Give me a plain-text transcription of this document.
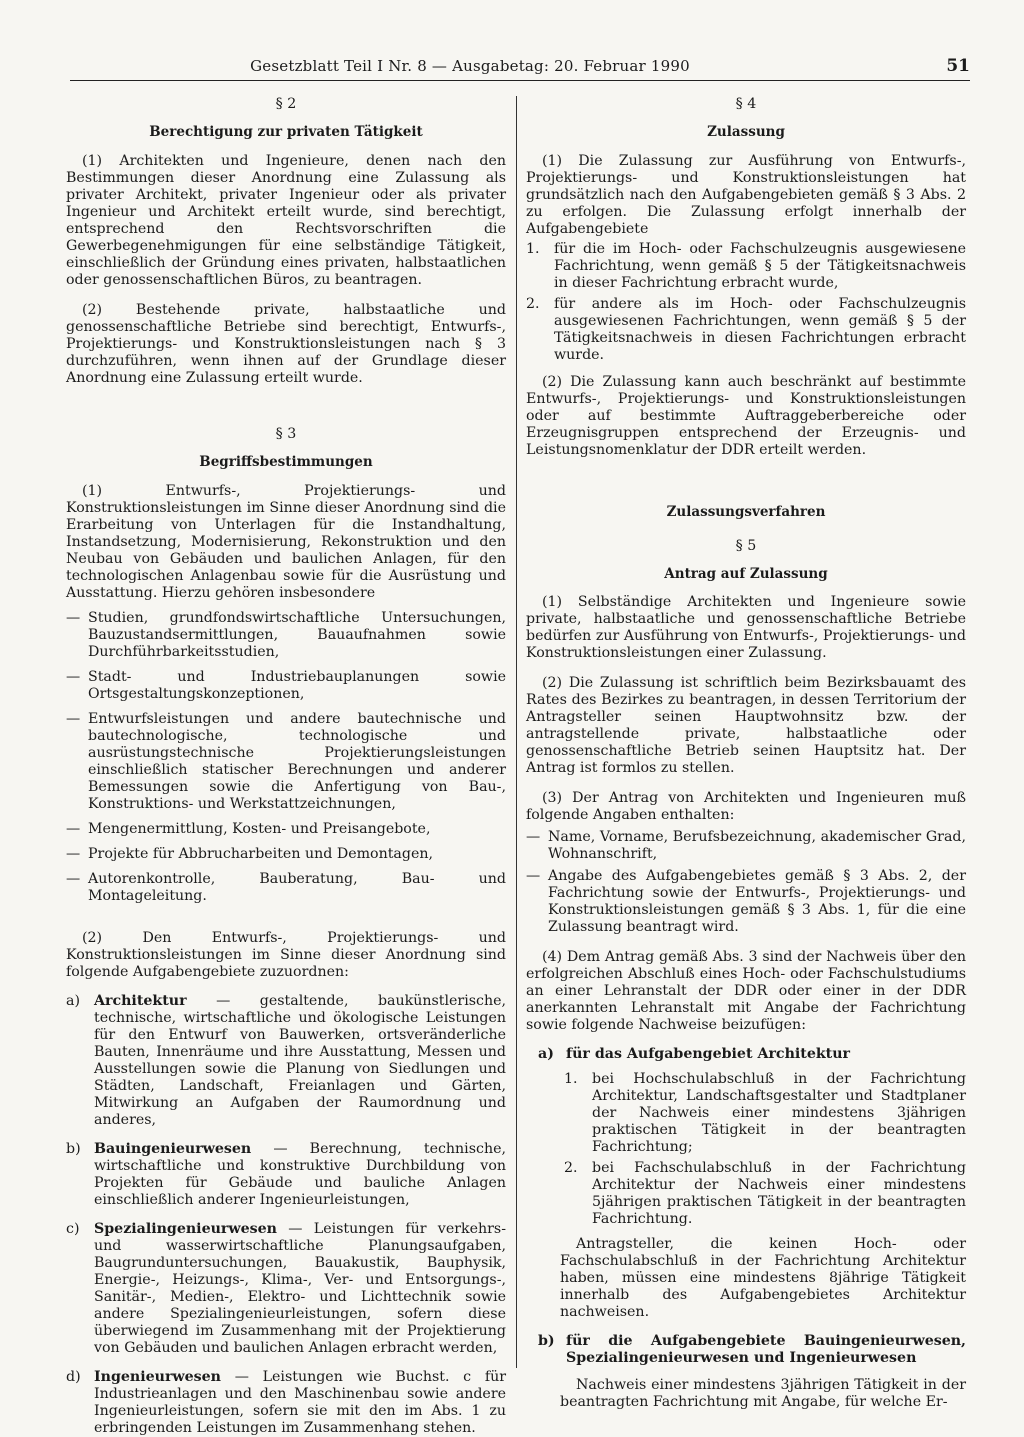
Gesetzblatt Teil I Nr. 8 — Ausgabetag: 20. Februar 1990	51

§ 2

Berechtigung zur privaten Tätigkeit

(1) Architekten und Ingenieure, denen nach den Bestimmungen dieser Anordnung eine Zulassung als privater Architekt, privater Ingenieur oder als privater Ingenieur und Architekt erteilt wurde, sind berechtigt, entsprechend den Rechtsvorschriften die Gewerbegenehmigungen für eine selbständige Tätigkeit, einschließlich der Gründung eines privaten, halbstaatlichen oder genossenschaftlichen Büros, zu beantragen.

(2) Bestehende private, halbstaatliche und genossenschaftliche Betriebe sind berechtigt, Entwurfs-, Projektierungs- und Konstruktionsleistungen nach § 3 durchzuführen, wenn ihnen auf der Grundlage dieser Anordnung eine Zulassung erteilt wurde.

§ 3

Begriffsbestimmungen

(1) Entwurfs-, Projektierungs- und Konstruktionsleistungen im Sinne dieser Anordnung sind die Erarbeitung von Unterlagen für die Instandhaltung, Instandsetzung, Modernisierung, Rekonstruktion und den Neubau von Gebäuden und baulichen Anlagen, für den technologischen Anlagenbau sowie für die Ausrüstung und Ausstattung. Hierzu gehören insbesondere

— Studien, grundfondswirtschaftliche Untersuchungen, Bauzustandsermittlungen, Bauaufnahmen sowie Durchführbarkeitsstudien,
— Stadt- und Industriebauplanungen sowie Ortsgestaltungskonzeptionen,
— Entwurfsleistungen und andere bautechnische und bautechnologische, technologische und ausrüstungstechnische Projektierungsleistungen einschließlich statischer Berechnungen und anderer Bemessungen sowie die Anfertigung von Bau-, Konstruktions- und Werkstattzeichnungen,
— Mengenermittlung, Kosten- und Preisangebote,
— Projekte für Abbrucharbeiten und Demontagen,
— Autorenkontrolle, Bauberatung, Bau- und Montageleitung.

(2) Den Entwurfs-, Projektierungs- und Konstruktionsleistungen im Sinne dieser Anordnung sind folgende Aufgabengebiete zuzuordnen:

a) Architektur — gestaltende, baukünstlerische, technische, wirtschaftliche und ökologische Leistungen für den Entwurf von Bauwerken, ortsveränderliche Bauten, Innenräume und ihre Ausstattung, Messen und Ausstellungen sowie die Planung von Siedlungen und Städten, Landschaft, Freianlagen und Gärten, Mitwirkung an Aufgaben der Raumordnung und anderes,
b) Bauingenieurwesen — Berechnung, technische, wirtschaftliche und konstruktive Durchbildung von Projekten für Gebäude und bauliche Anlagen einschließlich anderer Ingenieurleistungen,
c)	Spezialingenieurwesen — Leistungen für verkehrs- und wasserwirtschaftliche Planungsaufgaben, Baugrunduntersuchungen, Bauakustik, Bauphysik, Energie-, Heizungs-, Klima-, Ver- und Entsorgungs-, Sanitär-, Medien-, Elektro- und Lichttechnik sowie andere Spezialingenieurleistungen, sofern diese überwiegend im Zusammenhang mit der Projektierung von Gebäuden und baulichen Anlagen erbracht werden,
d) Ingenieurwesen — Leistungen wie Buchst. c für Industrieanlagen und den Maschinenbau sowie andere Ingenieurleistungen, sofern sie mit den im Abs. 1 zu erbringenden Leistungen im Zusammenhang stehen.

§ 4

Zulassung

(1) Die Zulassung zur Ausführung von Entwurfs-, Projektierungs- und Konstruktionsleistungen hat grundsätzlich nach den Aufgabengebieten gemäß § 3 Abs. 2 zu erfolgen. Die Zulassung erfolgt innerhalb der Aufgabengebiete

1.	für die im Hoch- oder Fachschulzeugnis ausgewiesene Fachrichtung, wenn gemäß § 5 der Tätigkeitsnachweis in dieser Fachrichtung erbracht wurde,
2.	für andere als im Hoch- oder Fachschulzeugnis ausgewiesenen Fachrichtungen, wenn gemäß § 5 der Tätigkeitsnachweis in diesen Fachrichtungen erbracht wurde.

(2) Die Zulassung kann auch beschränkt auf bestimmte Entwurfs-, Projektierungs- und Konstruktionsleistungen oder auf bestimmte Auftraggeberbereiche oder Erzeugnisgruppen entsprechend der Erzeugnis- und Leistungsnomenklatur der DDR erteilt werden.

Zulassungsverfahren

§ 5

Antrag auf Zulassung

(1) Selbständige Architekten und Ingenieure sowie private, halbstaatliche und genossenschaftliche Betriebe bedürfen zur Ausführung von Entwurfs-, Projektierungs- und Konstruktionsleistungen einer Zulassung.

(2) Die Zulassung ist schriftlich beim Bezirksbauamt des Rates des Bezirkes zu beantragen, in dessen Territorium der Antragsteller seinen Hauptwohnsitz bzw. der antragstellende private, halbstaatliche oder genossenschaftliche Betrieb seinen Hauptsitz hat. Der Antrag ist formlos zu stellen.

(3) Der Antrag von Architekten und Ingenieuren muß folgende Angaben enthalten:

— Name, Vorname, Berufsbezeichnung, akademischer Grad, Wohnanschrift,
— Angabe des Aufgabengebietes gemäß § 3 Abs. 2, der Fachrichtung sowie der Entwurfs-, Projektierungs- und Konstruktionsleistungen gemäß § 3 Abs. 1, für die eine Zulassung beantragt wird.

(4) Dem Antrag gemäß Abs. 3 sind der Nachweis über den erfolgreichen Abschluß eines Hoch- oder Fachschulstudiums an einer Lehranstalt der DDR oder einer in der DDR anerkannten Lehranstalt mit Angabe der Fachrichtung sowie folgende Nachweise beizufügen:

a) für das Aufgabengebiet Architektur
1.	bei Hochschulabschluß in der Fachrichtung Architektur, Landschaftsgestalter und Stadtplaner der Nachweis einer mindestens 3jährigen praktischen Tätigkeit in der beantragten Fachrichtung;
2.	bei Fachschulabschluß in der Fachrichtung Architektur der Nachweis einer mindestens 5jährigen praktischen Tätigkeit in der beantragten Fachrichtung.

Antragsteller, die keinen Hoch- oder Fachschulabschluß in der Fachrichtung Architektur haben, müssen eine mindestens 8jährige Tätigkeit innerhalb des Aufgabengebietes Architektur nachweisen.

b) für die Aufgabengebiete Bauingenieurwesen, Spezialingenieurwesen und Ingenieurwesen

Nachweis einer mindestens 3jährigen Tätigkeit in der beantragten Fachrichtung mit Angabe, für welche Er-
